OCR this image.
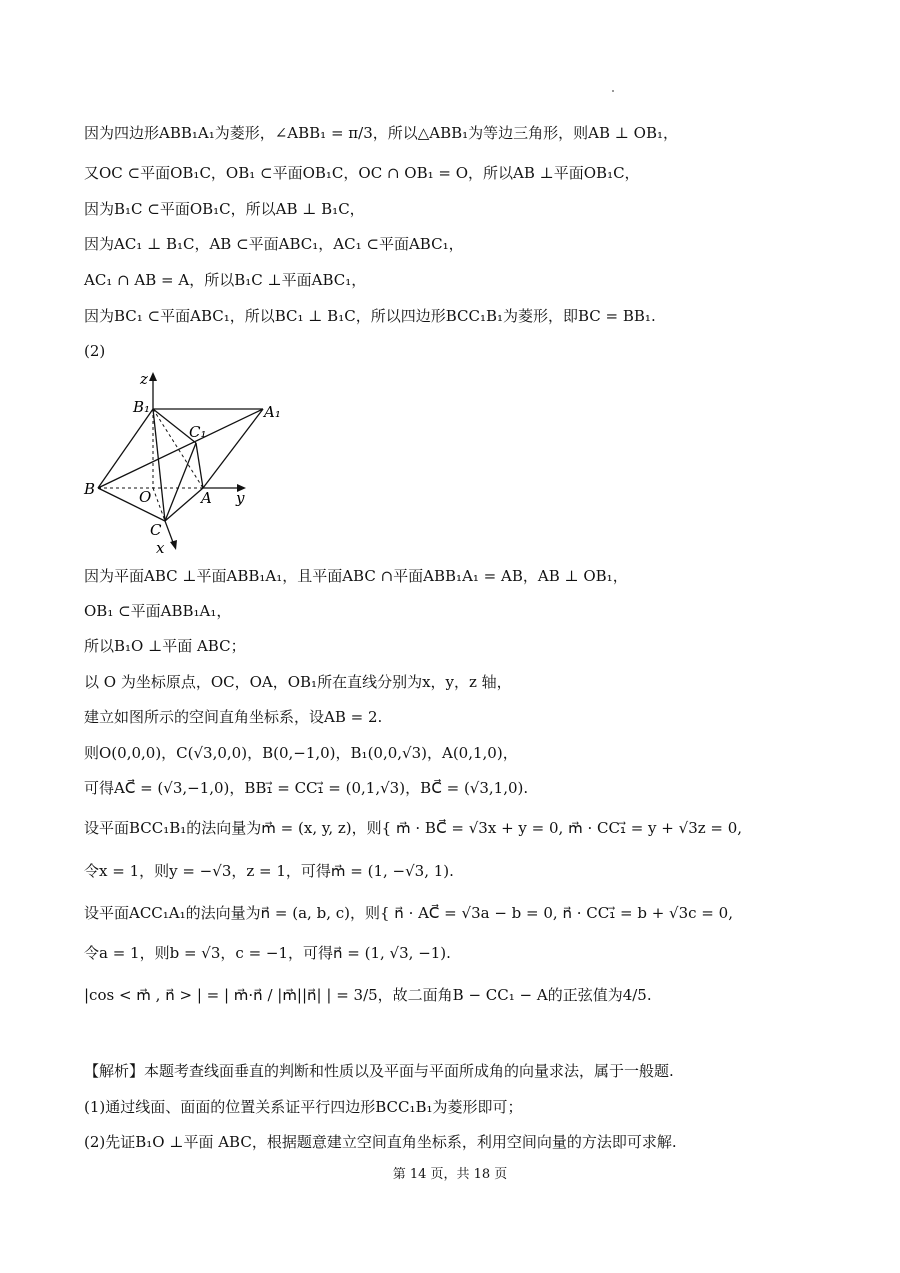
因为四边形ABB₁A₁为菱形，∠ABB₁ = π/3，所以△ABB₁为等边三角形，则AB ⊥ OB₁，
又OC ⊂平面OB₁C，OB₁ ⊂平面OB₁C，OC ∩ OB₁ = O，所以AB ⊥平面OB₁C，
因为B₁C ⊂平面OB₁C，所以AB ⊥ B₁C，
因为AC₁ ⊥ B₁C，AB ⊂平面ABC₁，AC₁ ⊂平面ABC₁，
AC₁ ∩ AB = A，所以B₁C ⊥平面ABC₁，
因为BC₁ ⊂平面ABC₁，所以BC₁ ⊥ B₁C，所以四边形BCC₁B₁为菱形，即BC = BB₁.
(2)
z
B₁	A₁
C₁
B	O	A y
C
x
因为平面ABC ⊥平面ABB₁A₁，且平面ABC ∩平面ABB₁A₁ = AB，AB ⊥ OB₁，
OB₁ ⊂平面ABB₁A₁，
所以B₁O ⊥平面 ABC；
以 O 为坐标原点，OC，OA，OB₁所在直线分别为x，y，z 轴，
建立如图所示的空间直角坐标系，设AB = 2.
则O(0,0,0)，C(√3,0,0)，B(0,−1,0)，B₁(0,0,√3)，A(0,1,0)，
可得AC⃗ = (√3,−1,0)，BB₁⃗ = CC₁⃗ = (0,1,√3)，BC⃗ = (√3,1,0).
设平面BCC₁B₁的法向量为m⃗ = (x, y, z)，则{ m⃗ · BC⃗ = √3x + y = 0, m⃗ · CC₁⃗ = y + √3z = 0,
令x = 1，则y = −√3，z = 1，可得m⃗ = (1, −√3, 1).
设平面ACC₁A₁的法向量为n⃗ = (a, b, c)，则{ n⃗ · AC⃗ = √3a − b = 0, n⃗ · CC₁⃗ = b + √3c = 0,
令a = 1，则b = √3，c = −1，可得n⃗ = (1, √3, −1).
|cos < m⃗ , n⃗ > | = | m⃗·n⃗ / |m⃗||n⃗| | = 3/5，故二面角B − CC₁ − A的正弦值为4/5.
【解析】本题考查线面垂直的判断和性质以及平面与平面所成角的向量求法，属于一般题.
(1)通过线面、面面的位置关系证平行四边形BCC₁B₁为菱形即可；
(2)先证B₁O ⊥平面 ABC，根据题意建立空间直角坐标系，利用空间向量的方法即可求解.
第 14 页，共 18 页
